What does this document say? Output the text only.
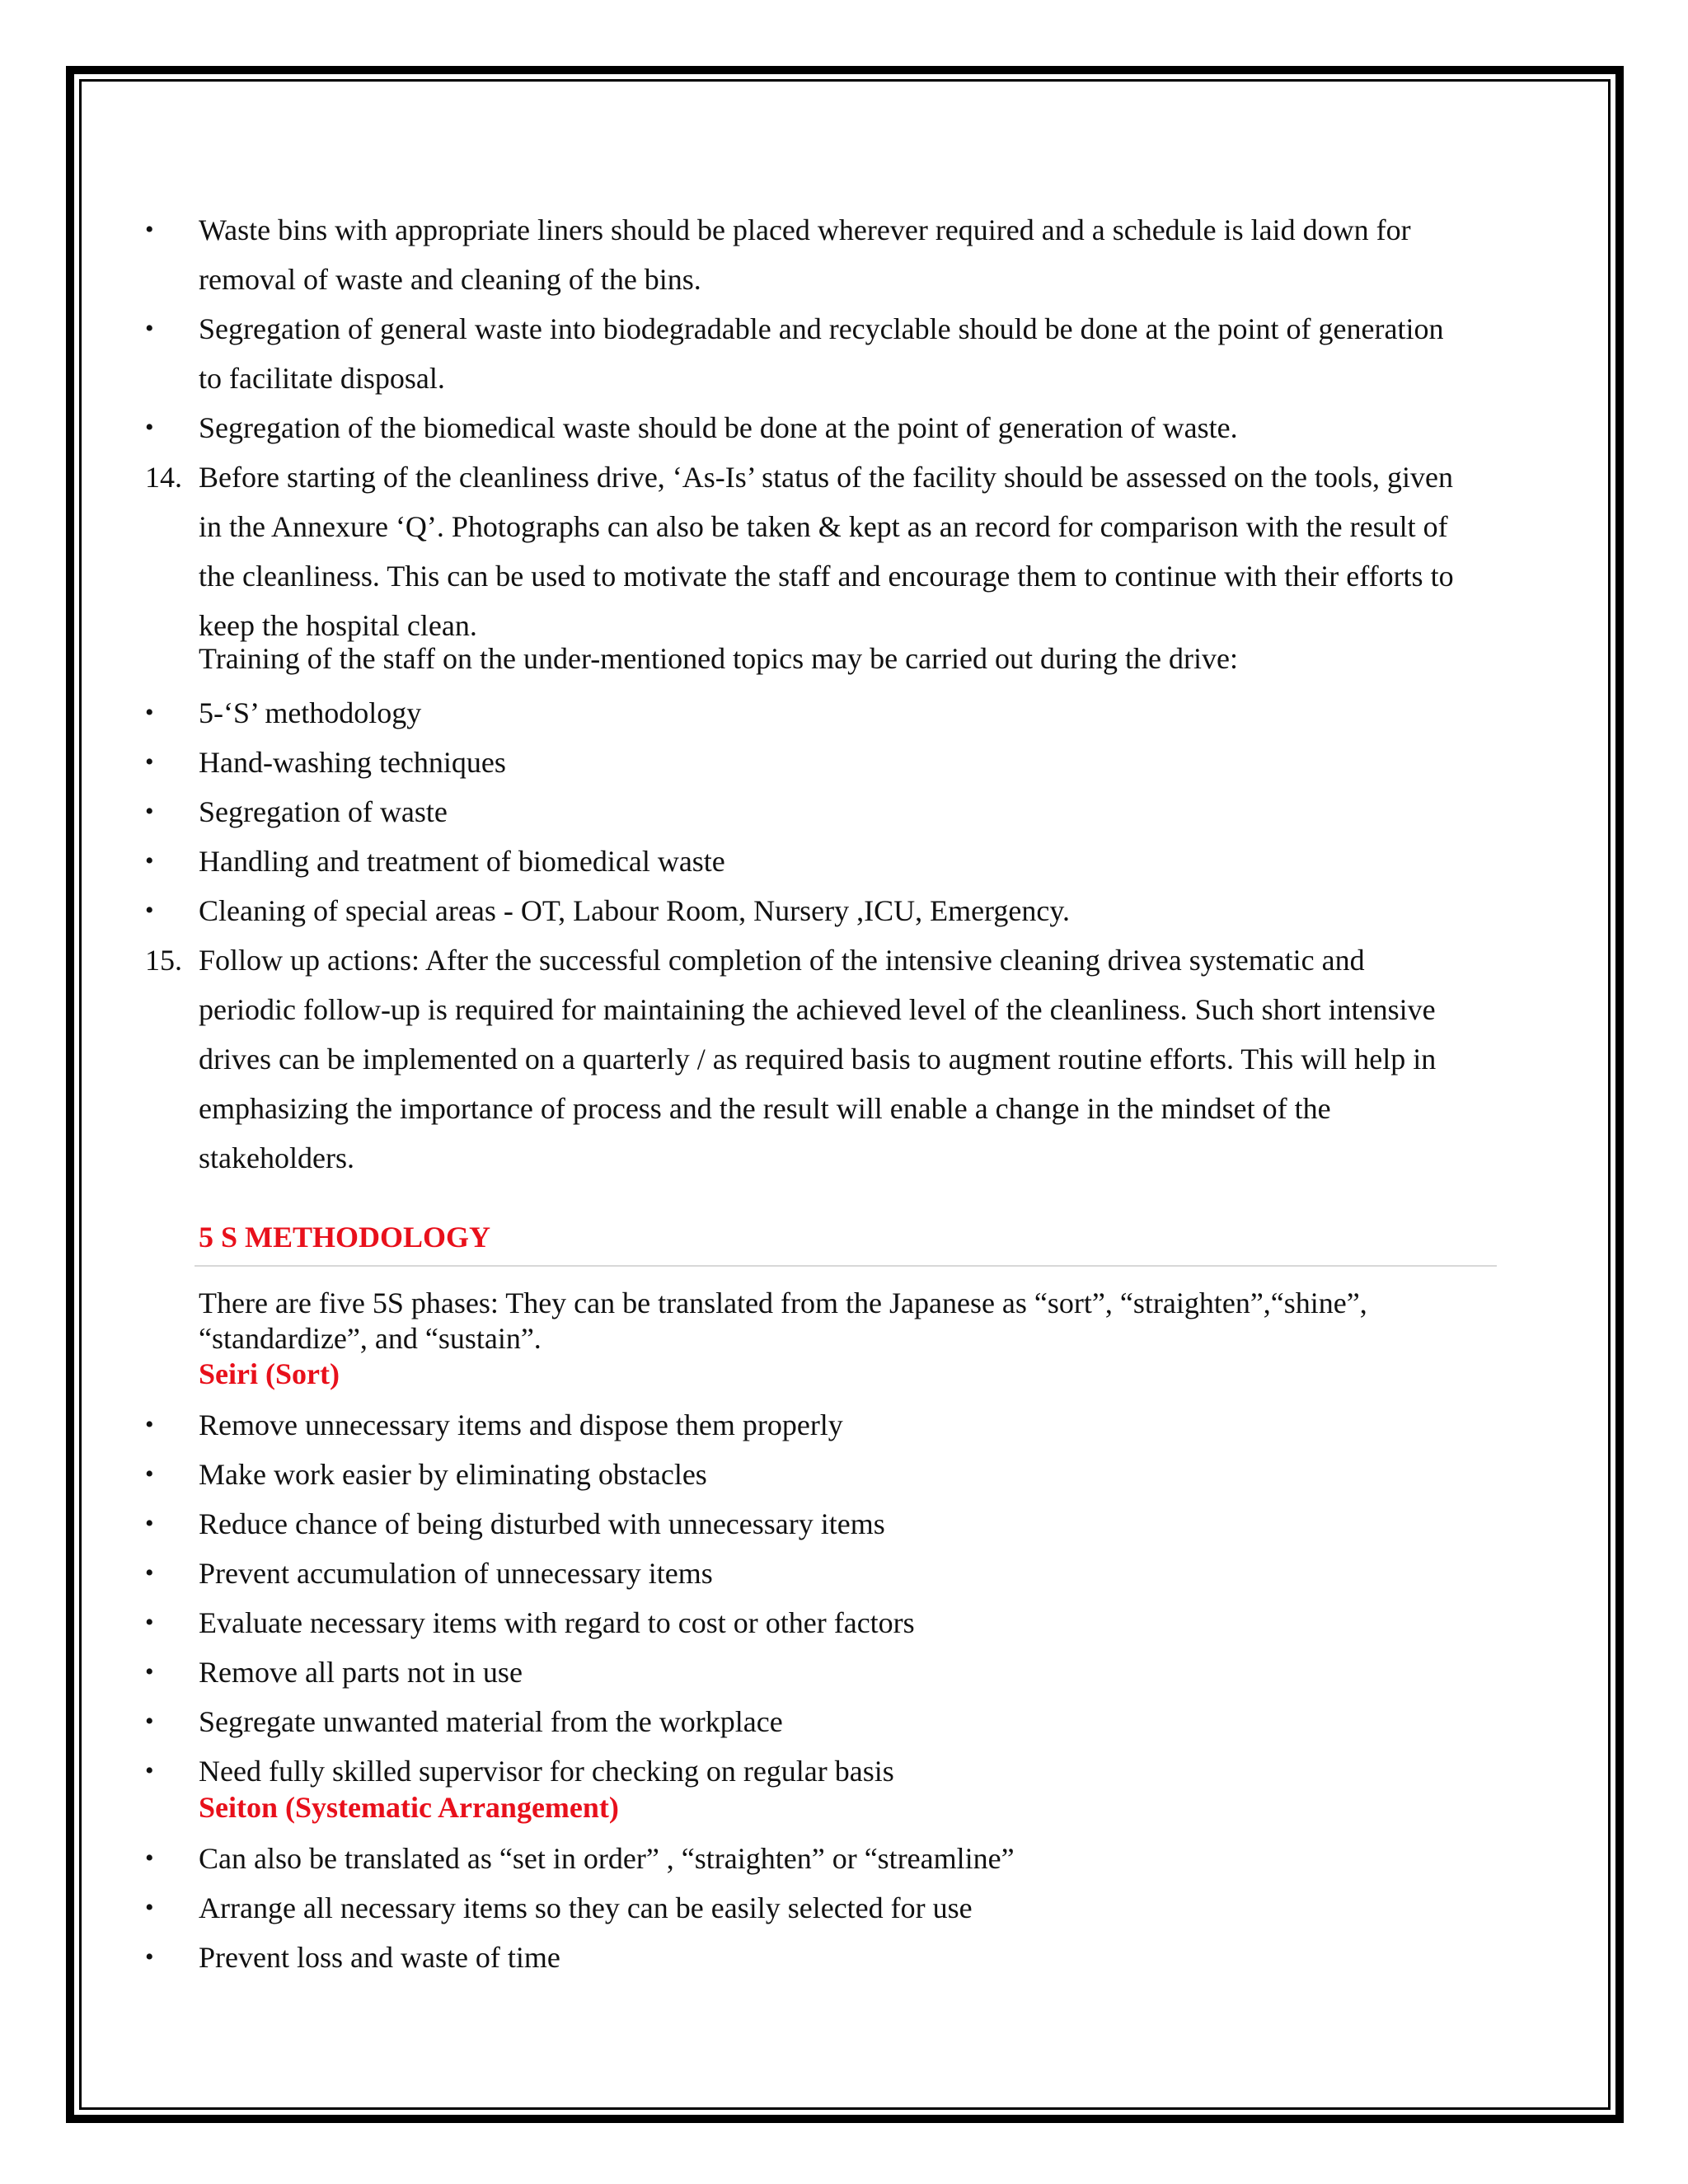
• Waste bins with appropriate liners should be placed wherever required and a schedule is laid down for
removal of waste and cleaning of the bins.
• Segregation of general waste into biodegradable and recyclable should be done at the point of generation
to facilitate disposal.
• Segregation of the biomedical waste should be done at the point of generation of waste.
14. Before starting of the cleanliness drive, ‘As-Is’ status of the facility should be assessed on the tools, given
in the Annexure ‘Q’. Photographs can also be taken & kept as an record for comparison with the result of
the cleanliness. This can be used to motivate the staff and encourage them to continue with their efforts to
keep the hospital clean.
Training of the staff on the under-mentioned topics may be carried out during the drive:
• 5-‘S’ methodology
• Hand-washing techniques
• Segregation of waste
• Handling and treatment of biomedical waste
• Cleaning of special areas - OT, Labour Room, Nursery ,ICU, Emergency.
15. Follow up actions: After the successful completion of the intensive cleaning drivea systematic and
periodic follow-up is required for maintaining the achieved level of the cleanliness. Such short intensive
drives can be implemented on a quarterly / as required basis to augment routine efforts. This will help in
emphasizing the importance of process and the result will enable a change in the mindset of the
stakeholders.
5 S METHODOLOGY
There are five 5S phases: They can be translated from the Japanese as “sort”, “straighten”,“shine”,
“standardize”, and “sustain”.
Seiri (Sort)
• Remove unnecessary items and dispose them properly
• Make work easier by eliminating obstacles
• Reduce chance of being disturbed with unnecessary items
• Prevent accumulation of unnecessary items
• Evaluate necessary items with regard to cost or other factors
• Remove all parts not in use
• Segregate unwanted material from the workplace
• Need fully skilled supervisor for checking on regular basis
Seiton (Systematic Arrangement)
• Can also be translated as “set in order” , “straighten” or “streamline”
• Arrange all necessary items so they can be easily selected for use
• Prevent loss and waste of time
